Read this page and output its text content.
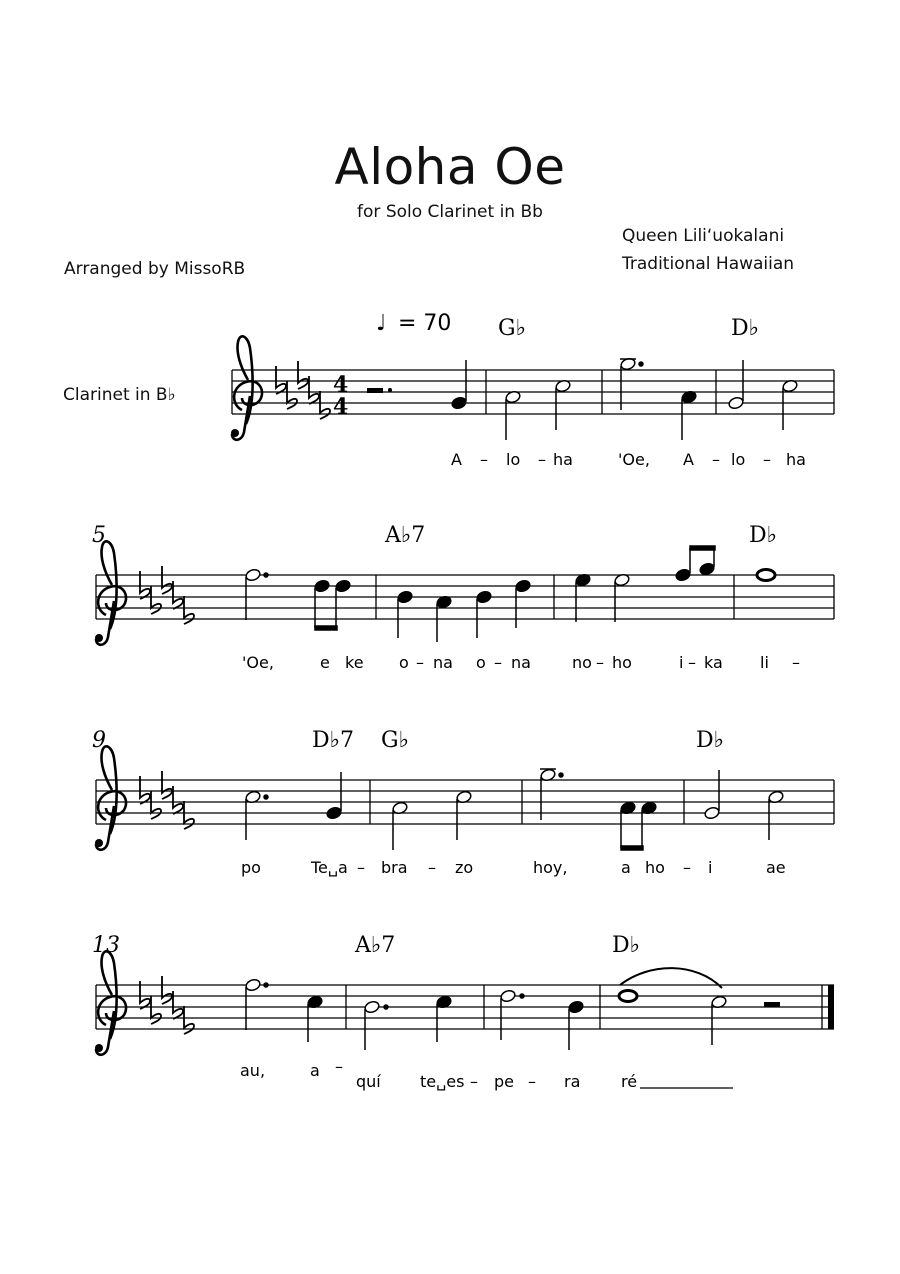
Aloha Oe
for Solo Clarinet in Bb
Queen Lili‘uokalani
Traditional Hawaiian
Arranged by MissoRB
Clarinet in B♭
♩ = 70
4
4
G♭	D♭
A – lo – ha	'Oe, A – lo – ha
5	A♭7	D♭
'Oe,	e ke o – na o – na	no – ho	i – ka li –
9	D♭7 G♭	D♭
po	Te␣a – bra – zo	hoy,	a ho – i	ae
13	A♭7	D♭
au,	a –
quí te␣es – pe – ra	ré
